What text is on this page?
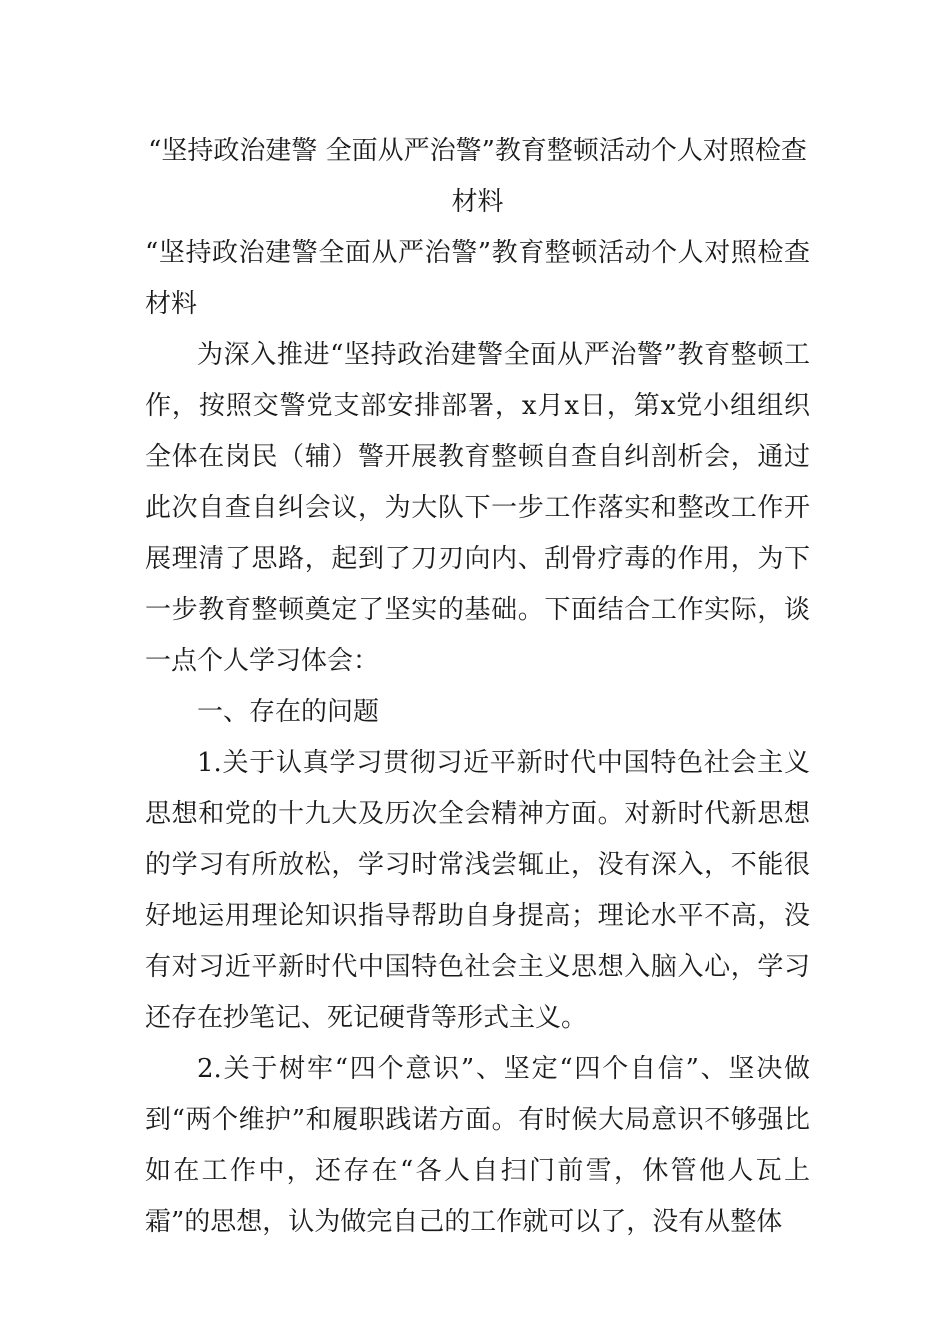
“坚持政治建警 全面从严治警”教育整顿活动个人对照检查材料

“坚持政治建警全面从严治警”教育整顿活动个人对照检查材料

为深入推进“坚持政治建警全面从严治警”教育整顿工作，按照交警党支部安排部署，x月x日，第x党小组组织全体在岗民（辅）警开展教育整顿自查自纠剖析会，通过此次自查自纠会议，为大队下一步工作落实和整改工作开展理清了思路，起到了刀刃向内、刮骨疗毒的作用，为下一步教育整顿奠定了坚实的基础。下面结合工作实际，谈一点个人学习体会：

一、存在的问题

1.关于认真学习贯彻习近平新时代中国特色社会主义思想和党的十九大及历次全会精神方面。对新时代新思想的学习有所放松，学习时常浅尝辄止，没有深入，不能很好地运用理论知识指导帮助自身提高；理论水平不高，没有对习近平新时代中国特色社会主义思想入脑入心，学习还存在抄笔记、死记硬背等形式主义。

2.关于树牢“四个意识”、坚定“四个自信”、坚决做到“两个维护”和履职践诺方面。有时候大局意识不够强比如在工作中，还存在“各人自扫门前雪，休管他人瓦上霜”的思想，认为做完自己的工作就可以了，没有从整体
